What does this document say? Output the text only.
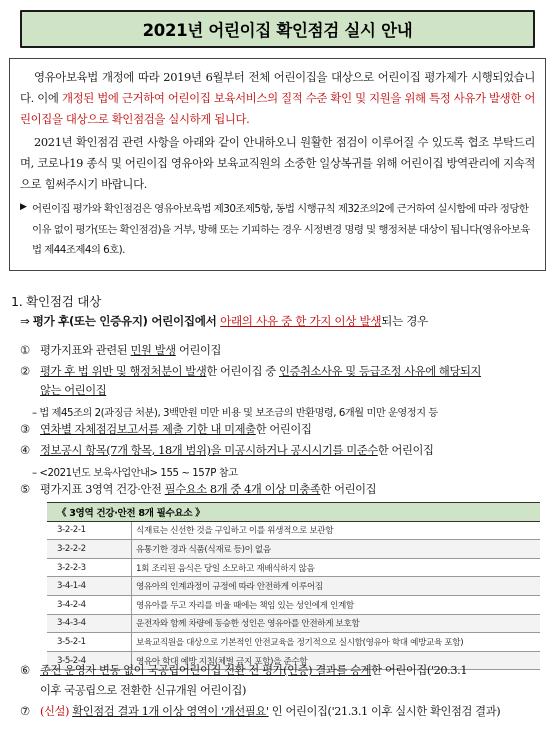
2021년 어린이집 확인점검 실시 안내

영유아보육법 개정에 따라 2019년 6월부터 전체 어린이집을 대상으로 어린이집 평가제가 시행되었습니다. 이에 개정된 법에 근거하여 어린이집 보육서비스의 질적 수준 확인 및 지원을 위해 특정 사유가 발생한 어린이집을 대상으로 확인점검을 실시하게 됩니다.

2021년 확인점검 관련 사항을 아래와 같이 안내하오니 원활한 점검이 이루어질 수 있도록 협조 부탁드리며, 코로나19 종식 및 어린이집 영유아와 보육교직원의 소중한 일상복귀를 위해 어린이집 방역관리에 지속적으로 힘써주시기 바랍니다.

▶ 어린이집 평가와 확인점검은 영유아보육법 제30조제5항, 동법 시행규칙 제32조의2에 근거하여 실시함에 따라 정당한 이유 없이 평가(또는 확인점검)을 거부, 방해 또는 기피하는 경우 시정변경 명령 및 행정처분 대상이 됩니다(영유아보육법 제44조제4의 6호).
1. 확인점검 대상
⇒ 평가 후(또는 인증유지) 어린이집에서 아래의 사유 중 한 가지 이상 발생되는 경우
① 평가지표와 관련된 민원 발생 어린이집
② 평가 후 법 위반 및 행정처분이 발생한 어린이집 중 인증취소사유 및 등급조정 사유에 해당되지
않는 어린이집
– 법 제45조의 2(과징금 처분), 3백만원 미만 비용 및 보조금의 반환명령, 6개월 미만 운영정지 등
③ 연차별 자체점검보고서를 제출 기한 내 미제출한 어린이집
④ 정보공시 항목(7개 항목, 18개 범위)을 미공시하거나 공시시기를 미준수한 어린이집
– <2021년도 보육사업안내> 155 ~ 157P 참고
⑤ 평가지표 3영역 건강·안전 필수요소 8개 중 4개 이상 미충족한 어린이집
《 3영역 건강·안전 8개 필수요소 》	
3-2-2-1	식재료는 신선한 것을 구입하고 이를 위생적으로 보관함
3-2-2-2	유통기한 경과 식품(식재료 등)이 없음
3-2-2-3	1회 조리된 음식은 당일 소모하고 재배식하지 않음
3-4-1-4	영유아의 인계과정이 규정에 따라 안전하게 이루어짐
3-4-2-4	영유아를 두고 자리를 비울 때에는 책임 있는 성인에게 인계함
3-4-3-4	운전자와 함께 차량에 동승한 성인은 영유아를 안전하게 보호함
3-5-2-1	보육교직원을 대상으로 기본적인 안전교육을 정기적으로 실시함(영유아 학대 예방교육 포함)
3-5-2-4	영유아 학대 예방 지침(체벌 금지 포함)을 준수함
⑥ 종전 운영자 변동 없이 국공립어린이집 전환 전 평가(인증) 결과를 승계한 어린이집('20.3.1
이후 국공립으로 전환한 신규개원 어린이집)
⑦ (신설) 확인점검 결과 1개 이상 영역이 '개선필요' 인 어린이집('21.3.1 이후 실시한 확인점검 결과)
